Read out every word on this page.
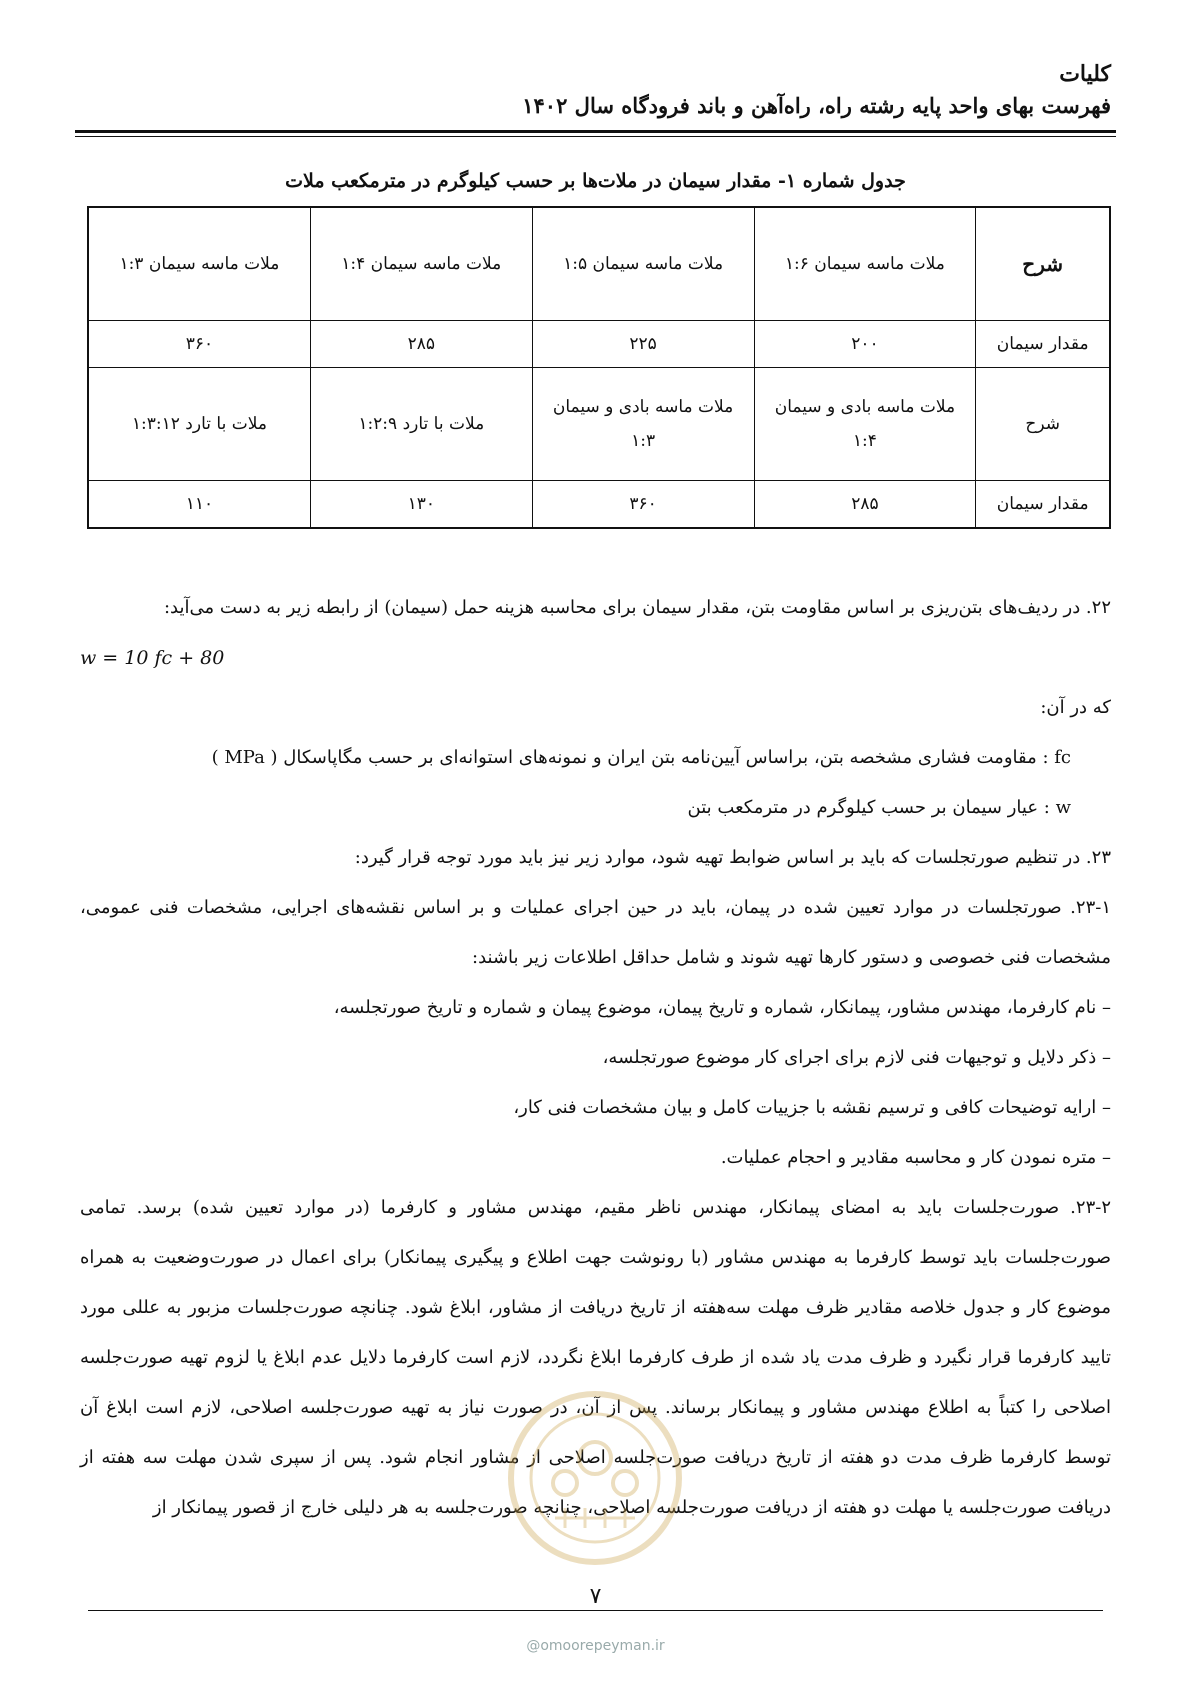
کلیات
فهرست بهای واحد پایه رشته راه، راه‌آهن و باند فرودگاه سال ۱۴۰۲
جدول شماره ۱- مقدار سیمان در ملات‌ها بر حسب کیلوگرم در مترمکعب ملات
شرح	ملات ماسه سیمان ۱:۶	ملات ماسه سیمان ۱:۵	ملات ماسه سیمان ۱:۴	ملات ماسه سیمان ۱:۳
مقدار سیمان	۲۰۰	۲۲۵	۲۸۵	۳۶۰
شرح	ملات ماسه بادی و سیمان ۱:۴	ملات ماسه بادی و سیمان ۱:۳	ملات با تارد ۱:۲:۹	ملات با تارد ۱:۳:۱۲
مقدار سیمان	۲۸۵	۳۶۰	۱۳۰	۱۱۰

۲۲. در ردیف‌های بتن‌ریزی بر اساس مقاومت بتن، مقدار سیمان برای محاسبه هزینه حمل (سیمان) از رابطه زیر به دست می‌آید:

w = 10 fc + 80

که در آن:

fc : مقاومت فشاری مشخصه بتن، براساس آیین‌نامه بتن ایران و نمونه‌های استوانه‌ای بر حسب مگاپاسکال ( MPa )

w : عیار سیمان بر حسب کیلوگرم در مترمکعب بتن

۲۳. در تنظیم صورتجلسات که باید بر اساس ضوابط تهیه شود، موارد زیر نیز باید مورد توجه قرار گیرد:

۲۳-۱. صورتجلسات در موارد تعیین شده در پیمان، باید در حین اجرای عملیات و بر اساس نقشه‌های اجرایی، مشخصات فنی عمومی، مشخصات فنی خصوصی و دستور کارها تهیه شوند و شامل حداقل اطلاعات زیر باشند:

– نام کارفرما، مهندس مشاور، پیمانکار، شماره و تاریخ پیمان، موضوع پیمان و شماره و تاریخ صورتجلسه،

– ذکر دلایل و توجیهات فنی لازم برای اجرای کار موضوع صورتجلسه،

– ارایه توضیحات کافی و ترسیم نقشه با جزییات کامل و بیان مشخصات فنی کار،

– متره نمودن کار و محاسبه مقادیر و احجام عملیات.

۲۳-۲. صورت‌جلسات باید به امضای پیمانکار، مهندس ناظر مقیم، مهندس مشاور و کارفرما (در موارد تعیین شده) برسد. تمامی صورت‌جلسات باید توسط کارفرما به مهندس مشاور (با رونوشت جهت اطلاع و پیگیری پیمانکار) برای اعمال در صورت‌وضعیت به همراه موضوع کار و جدول خلاصه مقادیر ظرف مهلت سه‌هفته از تاریخ دریافت از مشاور، ابلاغ شود. چنانچه صورت‌جلسات مزبور به عللی مورد تایید کارفرما قرار نگیرد و ظرف مدت یاد شده از طرف کارفرما ابلاغ نگردد، لازم است کارفرما دلایل عدم ابلاغ یا لزوم تهیه صورت‌جلسه اصلاحی را کتباً به اطلاع مهندس مشاور و پیمانکار برساند. پس از آن، در صورت نیاز به تهیه صورت‌جلسه اصلاحی، لازم است ابلاغ آن توسط کارفرما ظرف مدت دو هفته از تاریخ دریافت صورت‌جلسه اصلاحی از مشاور انجام شود. پس از سپری شدن مهلت سه هفته از دریافت صورت‌جلسه یا مهلت دو هفته از دریافت صورت‌جلسه اصلاحی، چنانچه صورت‌جلسه به هر دلیلی خارج از قصور پیمانکار از

۷
@omoorepeyman.ir
